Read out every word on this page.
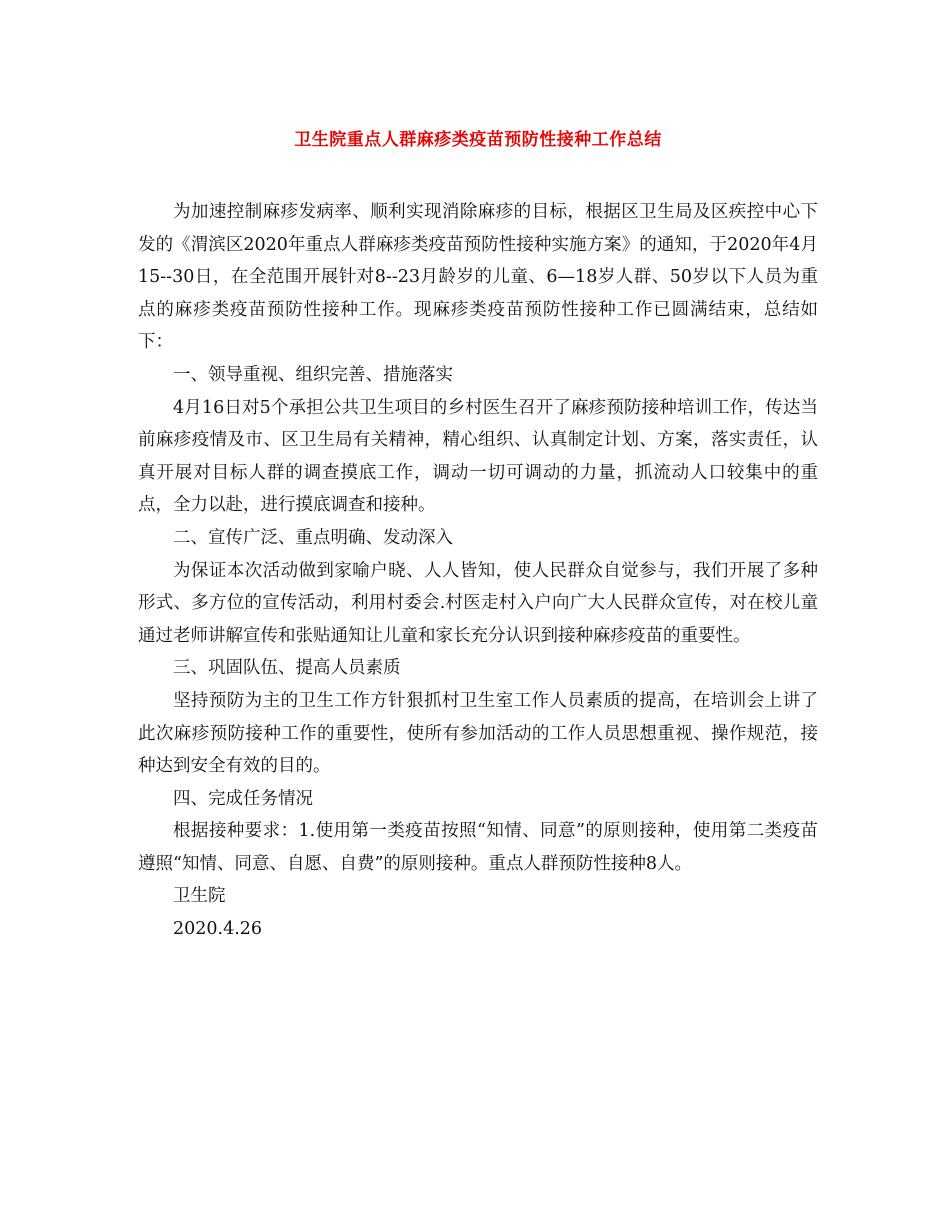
卫生院重点人群麻疹类疫苗预防性接种工作总结

为加速控制麻疹发病率、顺利实现消除麻疹的目标，根据区卫生局及区疾控中心下发的《渭滨区2020年重点人群麻疹类疫苗预防性接种实施方案》的通知，于2020年4月15--30日，在全范围开展针对8--23月龄岁的儿童、6—18岁人群、50岁以下人员为重点的麻疹类疫苗预防性接种工作。现麻疹类疫苗预防性接种工作已圆满结束，总结如下：

一、领导重视、组织完善、措施落实

4月16日对5个承担公共卫生项目的乡村医生召开了麻疹预防接种培训工作，传达当前麻疹疫情及市、区卫生局有关精神，精心组织、认真制定计划、方案，落实责任，认真开展对目标人群的调查摸底工作，调动一切可调动的力量，抓流动人口较集中的重点，全力以赴，进行摸底调查和接种。

二、宣传广泛、重点明确、发动深入

为保证本次活动做到家喻户晓、人人皆知，使人民群众自觉参与，我们开展了多种形式、多方位的宣传活动，利用村委会.村医走村入户向广大人民群众宣传，对在校儿童通过老师讲解宣传和张贴通知让儿童和家长充分认识到接种麻疹疫苗的重要性。

三、巩固队伍、提高人员素质

坚持预防为主的卫生工作方针狠抓村卫生室工作人员素质的提高，在培训会上讲了此次麻疹预防接种工作的重要性，使所有参加活动的工作人员思想重视、操作规范，接种达到安全有效的目的。

四、完成任务情况

根据接种要求：1.使用第一类疫苗按照“知情、同意”的原则接种，使用第二类疫苗遵照“知情、同意、自愿、自费”的原则接种。重点人群预防性接种8人。

卫生院

2020.4.26
